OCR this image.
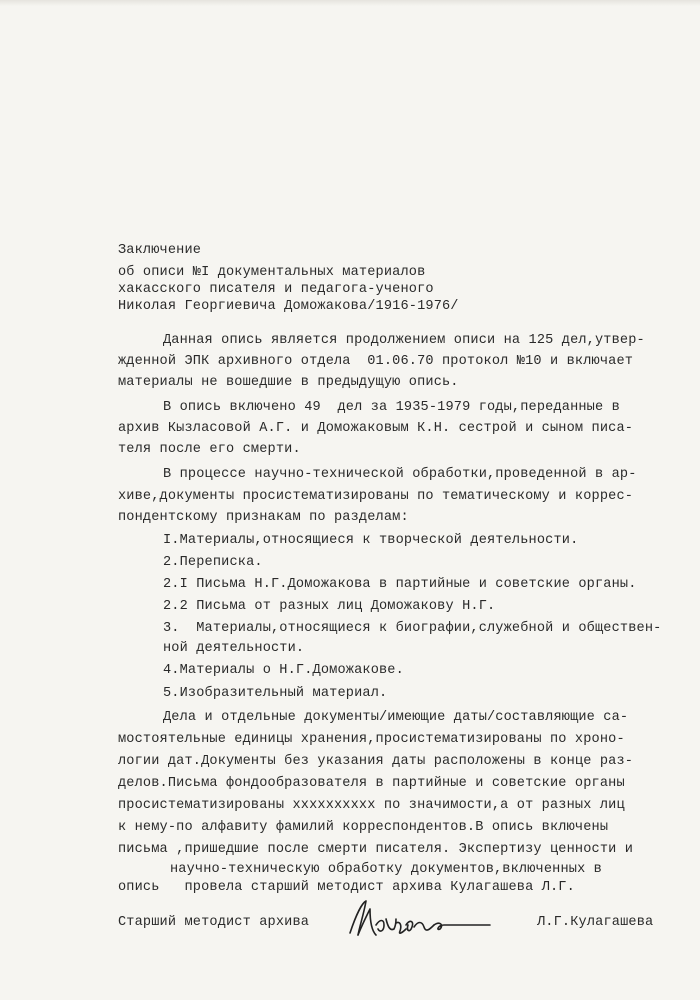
Заключение
об описи №I документальных материалов
хакасского писателя и педагога-ученого
Николая Георгиевича Доможакова/1916-1976/
Данная опись является продолжением описи на 125 дел,утвер-
жденной ЭПК архивного отдела  01.06.70 протокол №10 и включает
материалы не вошедшие в предыдущую опись.
В опись включено 49  дел за 1935-1979 годы,переданные в
архив Кызласовой А.Г. и Доможаковым К.Н. сестрой и сыном писа-
теля после его смерти.
В процессе научно-технической обработки,проведенной в ар-
хиве,документы просистематизированы по тематическому и коррес-
пондентскому признакам по разделам:
I.Материалы,относящиеся к творческой деятельности.
2.Переписка.
2.I Письма Н.Г.Доможакова в партийные и советские органы.
2.2 Письма от разных лиц Доможакову Н.Г.
3.  Материалы,относящиеся к биографии,служебной и обществен-
ной деятельности.
4.Материалы о Н.Г.Доможакове.
5.Изобразительный материал.
Дела и отдельные документы/имеющие даты/составляющие са-
мостоятельные единицы хранения,просистематизированы по хроно-
логии дат.Документы без указания даты расположены в конце раз-
делов.Письма фондообразователя в партийные и советские органы
просистематизированы хххххххххх по значимости,а от разных лиц
к нему-по алфавиту фамилий корреспондентов.В опись включены
письма ,пришедшие после смерти писателя. Экспертизу ценности и
научно-техническую обработку документов,включенных в
опись   провела старший методист архива Кулагашева Л.Г.
Старший методист архива	Л.Г.Кулагашева
